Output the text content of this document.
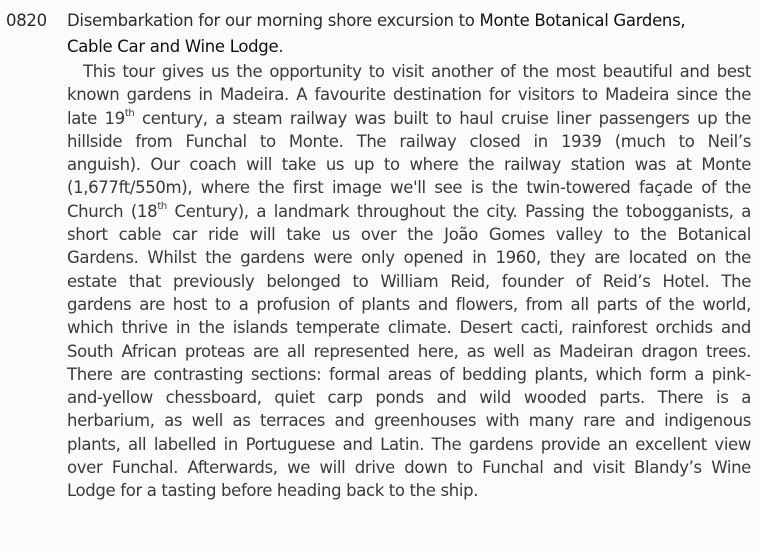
0820 Disembarkation for our morning shore excursion to Monte Botanical Gardens,
Cable Car and Wine Lodge.
This tour gives us the opportunity to visit another of the most beautiful and best
known gardens in Madeira. A favourite destination for visitors to Madeira since the
late 19th century, a steam railway was built to haul cruise liner passengers up the
hillside from Funchal to Monte. The railway closed in 1939 (much to Neil’s
anguish). Our coach will take us up to where the railway station was at Monte
(1,677ft/550m), where the first image we'll see is the twin-towered façade of the
Church (18th Century), a landmark throughout the city. Passing the tobogganists, a
short cable car ride will take us over the João Gomes valley to the Botanical
Gardens. Whilst the gardens were only opened in 1960, they are located on the
estate that previously belonged to William Reid, founder of Reid’s Hotel. The
gardens are host to a profusion of plants and flowers, from all parts of the world,
which thrive in the islands temperate climate. Desert cacti, rainforest orchids and
South African proteas are all represented here, as well as Madeiran dragon trees.
There are contrasting sections: formal areas of bedding plants, which form a pink-
and-yellow chessboard, quiet carp ponds and wild wooded parts. There is a
herbarium, as well as terraces and greenhouses with many rare and indigenous
plants, all labelled in Portuguese and Latin. The gardens provide an excellent view
over Funchal. Afterwards, we will drive down to Funchal and visit Blandy’s Wine
Lodge for a tasting before heading back to the ship.
